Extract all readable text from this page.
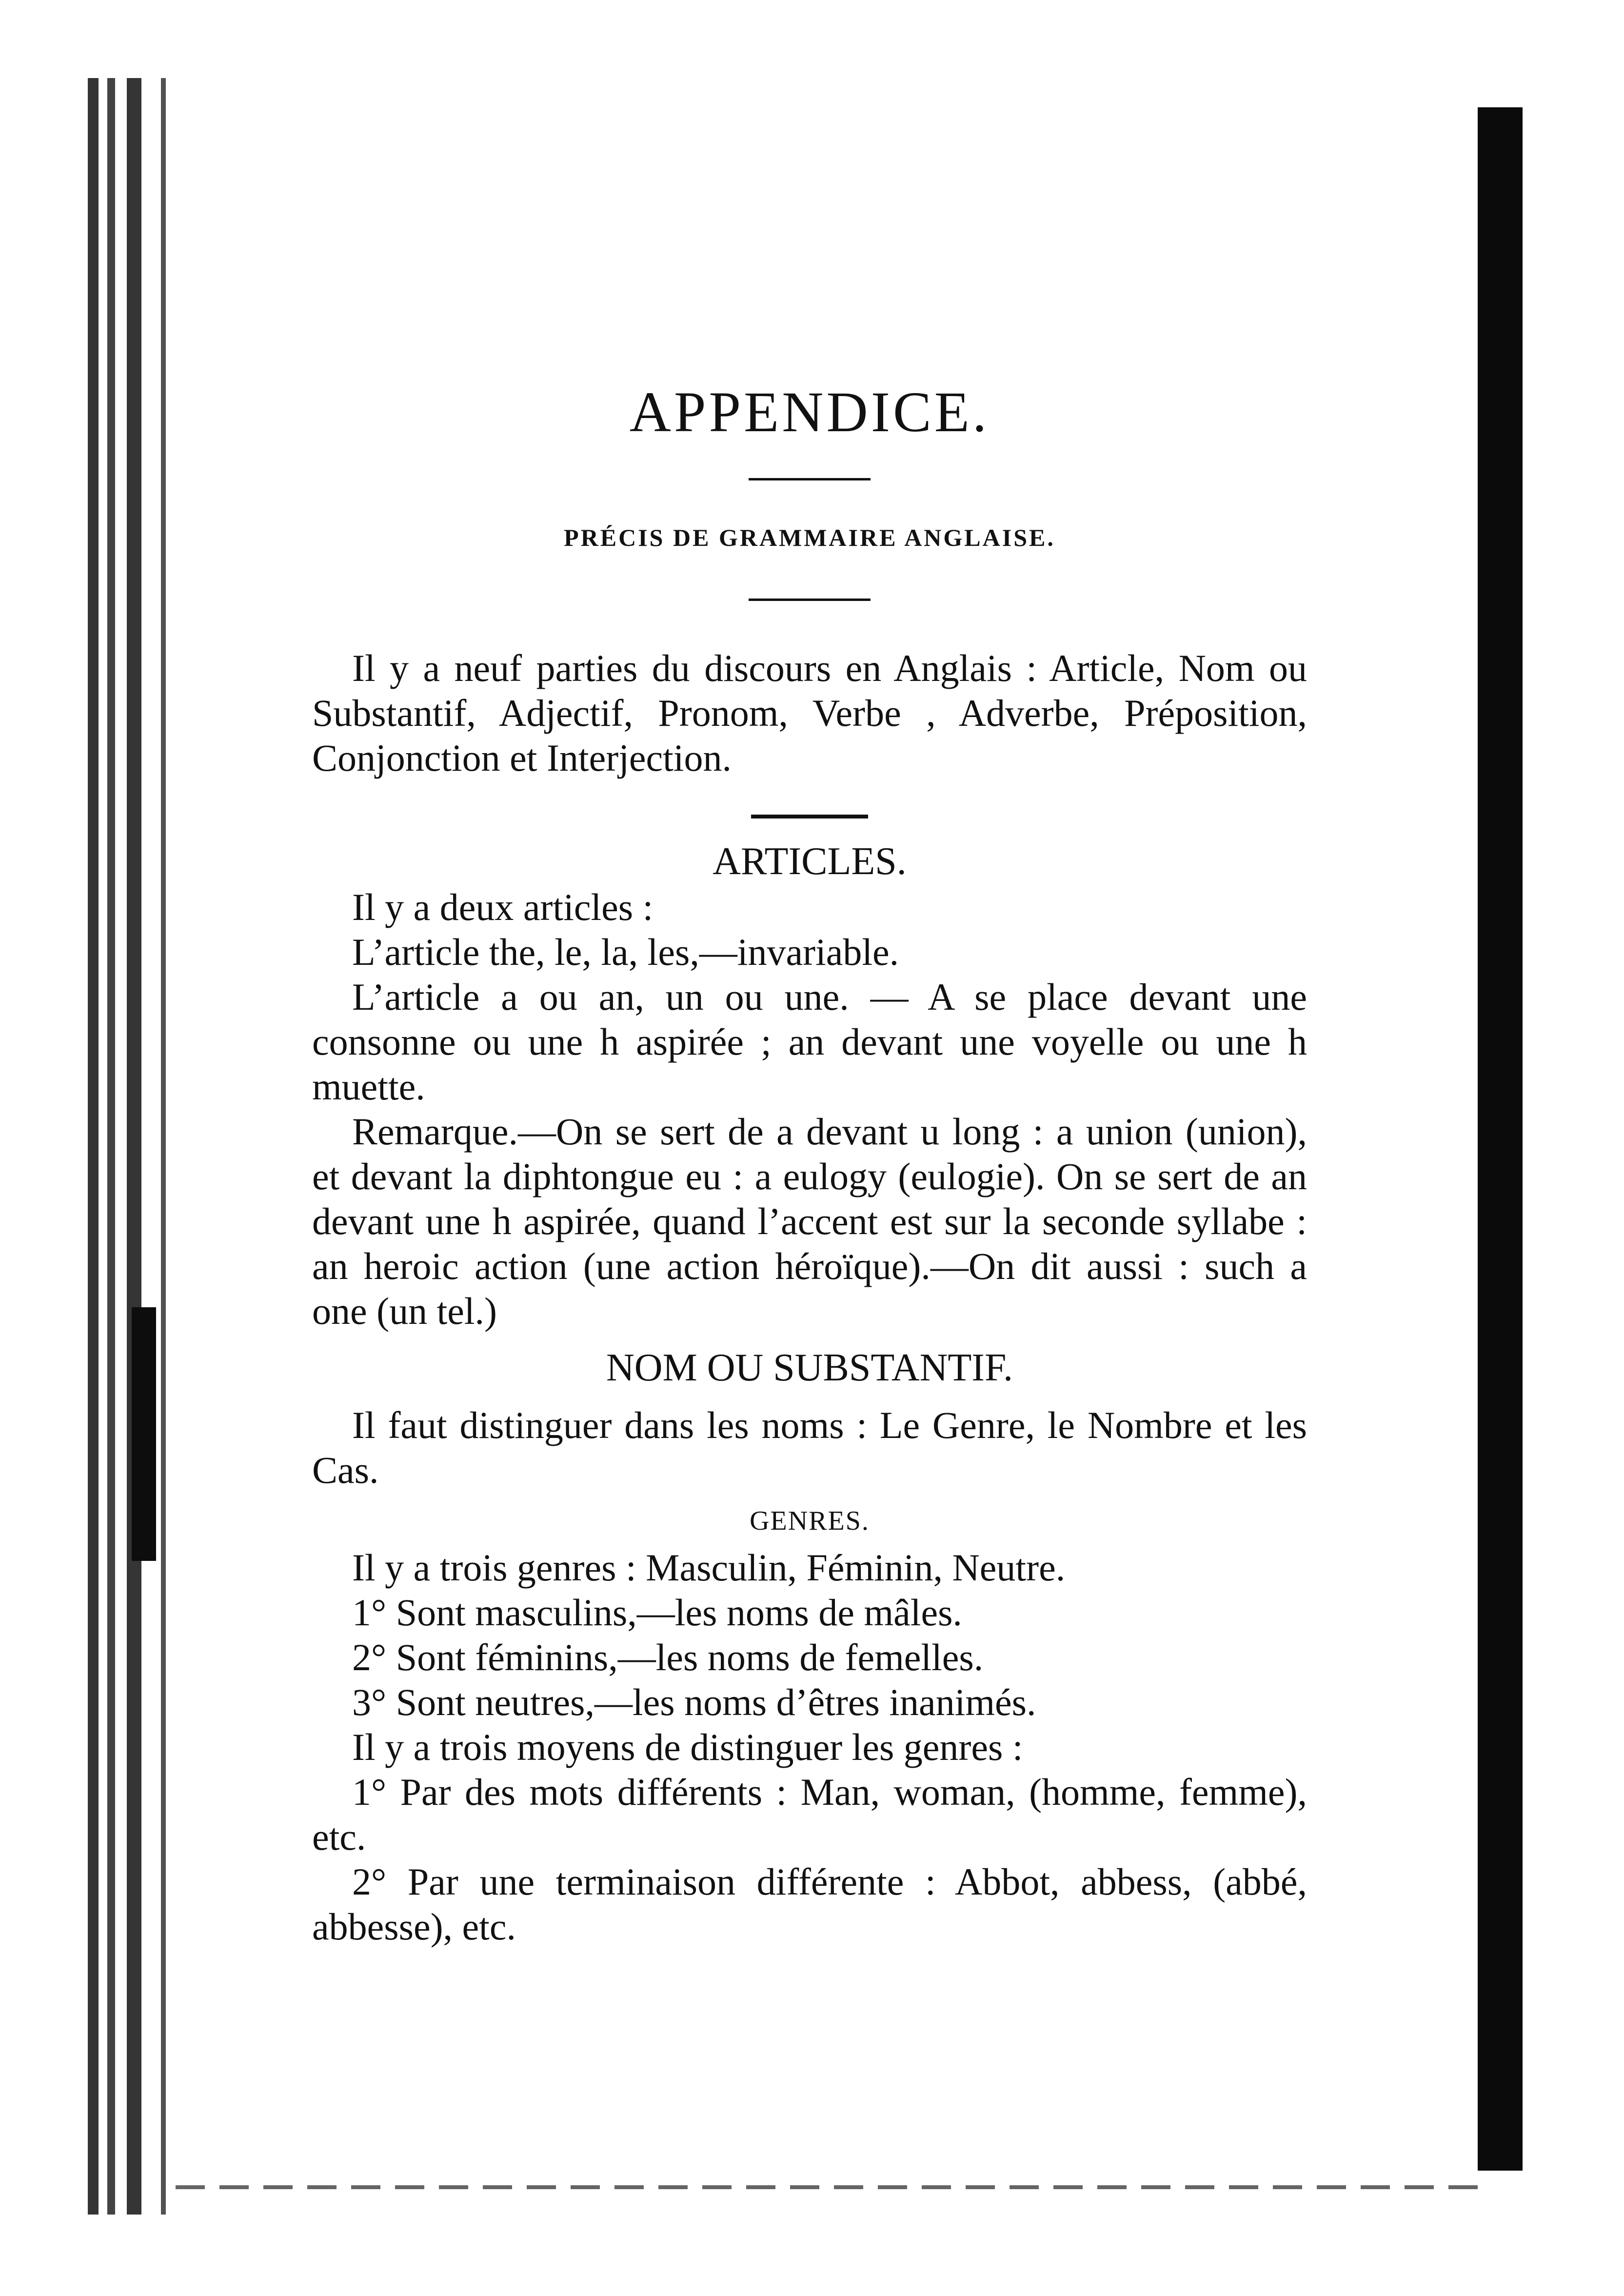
APPENDICE.
PRÉCIS DE GRAMMAIRE ANGLAISE.

Il y a neuf parties du discours en Anglais : Article, Nom ou Substantif, Adjectif, Pronom, Verbe , Adverbe, Préposition, Conjonction et Interjection.

ARTICLES.

Il y a deux articles :

L’article the, le, la, les,—invariable.

L’article a ou an, un ou une. — A se place devant une consonne ou une h aspirée ; an devant une voyelle ou une h muette.

Remarque.—On se sert de a devant u long : a union (union), et devant la diphtongue eu : a eulogy (eulogie). On se sert de an devant une h aspirée, quand l’accent est sur la seconde syllabe : an heroic action (une action héroïque).—On dit aussi : such a one (un tel.)

NOM OU SUBSTANTIF.

Il faut distinguer dans les noms : Le Genre, le Nombre et les Cas.

GENRES.

Il y a trois genres : Masculin, Féminin, Neutre.

1° Sont masculins,—les noms de mâles.

2° Sont féminins,—les noms de femelles.

3° Sont neutres,—les noms d’êtres inanimés.

Il y a trois moyens de distinguer les genres :

1° Par des mots différents : Man, woman, (homme, femme), etc.

2° Par une terminaison différente : Abbot, abbess, (abbé, abbesse), etc.
